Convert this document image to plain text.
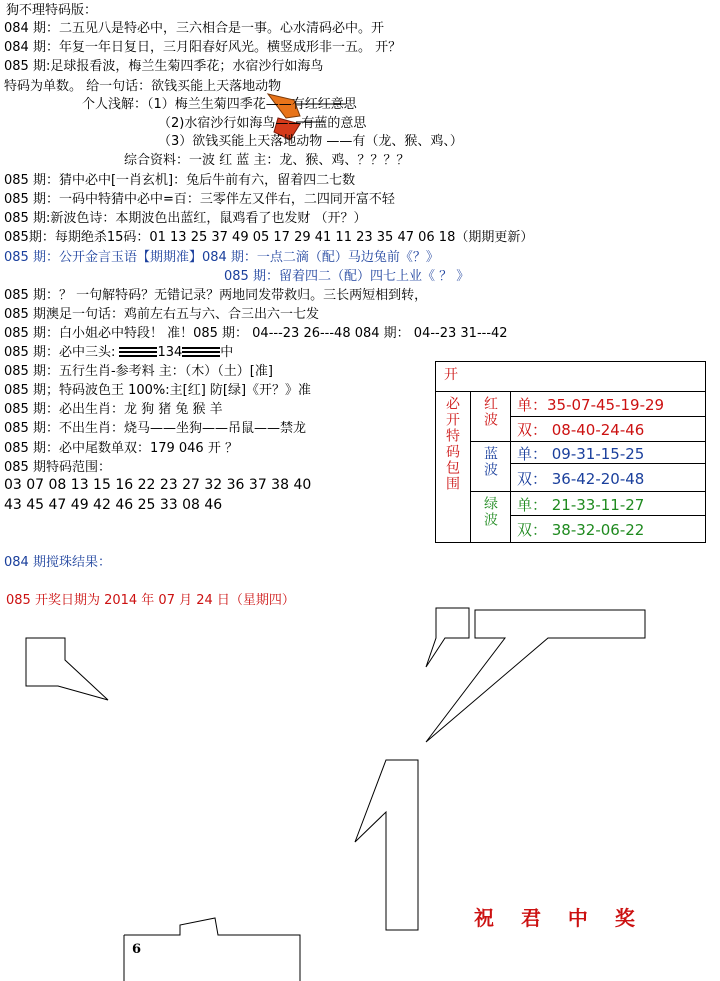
狗不理特码版：
084 期：二五见八是特必中，三六相合是一事。心水清码必中。开
084 期：年复一年日复日，三月阳春好风光。横竖成形非一五。 开？
085 期:足球报看波，梅兰生菊四季花；水宿沙行如海鸟
特码为单数。 给一句话：欲钱买能上天落地动物
个人浅解：（1）梅兰生菊四季花——有红红意思
（2)水宿沙行如海鸟——有蓝的意思
（3）欲钱买能上天落地动物 ——有（龙、猴、鸡、）
综合资料：一波 红 蓝 主：龙、猴、鸡、？？？？
085 期：猜中必中[一肖玄机]：兔后牛前有六，留着四二七数
085 期：一码中特猜中必中=百：三零伴左又伴右，二四同开富不轻
085 期:新波色诗：本期波色出蓝红，鼠鸡看了也发财 （开？）
085期：每期绝杀15码：01 13 25 37 49 05 17 29 41 11 23 35 47 06 18（期期更新）
085 期：公开金言玉语【期期准】084 期：一点二滴（配）马边兔前《？》
085 期：留着四二（配）四七上业《 ？ 》
085 期：？ 一句解特码？无错记录？两地同发带救归。三长两短相到转，
085 期澳足一句话：鸡前左右五与六、合三出六一七发
085 期：白小姐必中特段！ 准！085 期： 04---23 26---48 084 期： 04--23 31---42
085 期：必中三头:	134	中
085 期：五行生肖-参考料 主：（木）（土）[准]
085 期；特码波色王 100%:主[红] 防[绿]《开？》准
085 期：必出生肖：龙 狗 猪 兔 猴 羊
085 期：不出生肖：烧马——坐狗——吊鼠——禁龙
085 期：必中尾数单双：179 046 开 ？
085 期特码范围：
03 07 08 13 15 16 22 23 27 32 36 37 38 40
43 45 47 49 42 46 25 33 08 46
084 期搅珠结果：
085 开奖日期为 2014 年 07 月 24 日（星期四）
开
必开特码包围	红波	单：35-07-45-19-29
双： 08-40-24-46
蓝波	单： 09-31-15-25
双： 36-42-20-48
绿波	单： 21-33-11-27
双： 38-32-06-22
祝 君 中 奖
6
